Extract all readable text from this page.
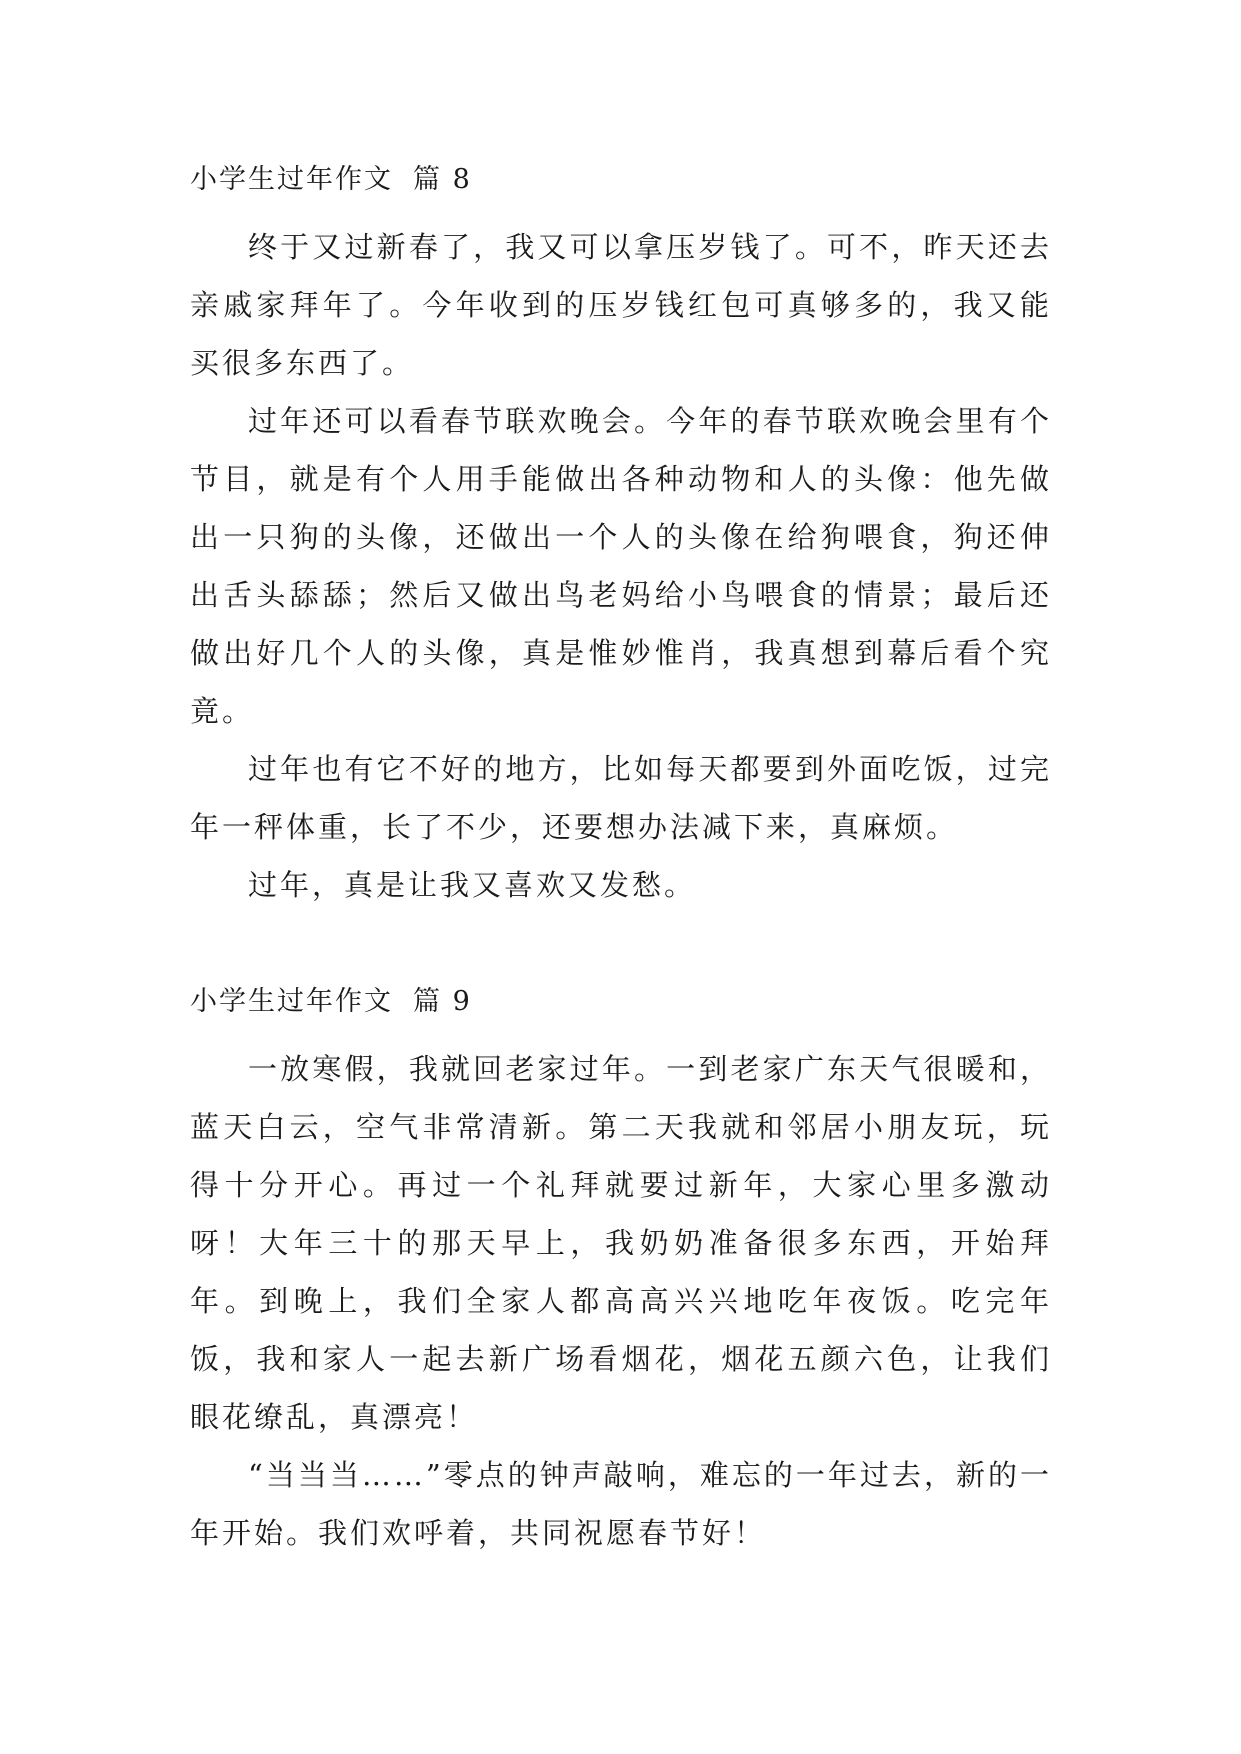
小学生过年作文 篇 8

终于又过新春了，我又可以拿压岁钱了。可不，昨天还去亲戚家拜年了。今年收到的压岁钱红包可真够多的，我又能买很多东西了。

过年还可以看春节联欢晚会。今年的春节联欢晚会里有个节目，就是有个人用手能做出各种动物和人的头像：他先做出一只狗的头像，还做出一个人的头像在给狗喂食，狗还伸出舌头舔舔；然后又做出鸟老妈给小鸟喂食的情景；最后还做出好几个人的头像，真是惟妙惟肖，我真想到幕后看个究竟。

过年也有它不好的地方，比如每天都要到外面吃饭，过完年一秤体重，长了不少，还要想办法减下来，真麻烦。

过年，真是让我又喜欢又发愁。

小学生过年作文 篇 9

一放寒假，我就回老家过年。一到老家广东天气很暖和，蓝天白云，空气非常清新。第二天我就和邻居小朋友玩，玩得十分开心。再过一个礼拜就要过新年，大家心里多激动呀！大年三十的那天早上，我奶奶准备很多东西，开始拜年。到晚上，我们全家人都高高兴兴地吃年夜饭。吃完年饭，我和家人一起去新广场看烟花，烟花五颜六色，让我们眼花缭乱，真漂亮！

“当当当……”零点的钟声敲响，难忘的一年过去，新的一年开始。我们欢呼着，共同祝愿春节好！
